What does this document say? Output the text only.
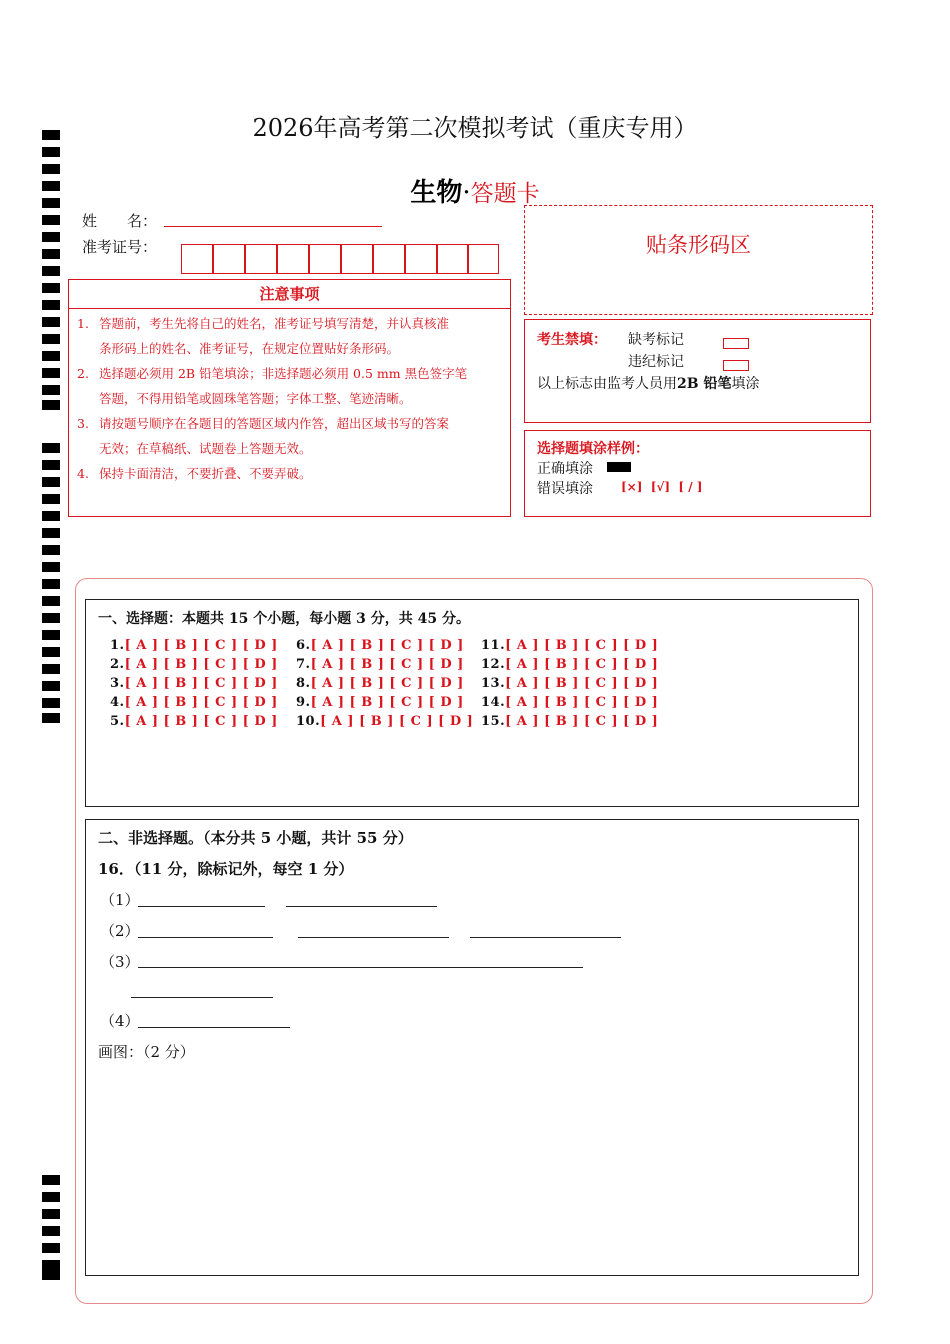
2026年高考第二次模拟考试（重庆专用）
生物·答题卡
姓　　名：
准考证号：	贴条形码区
注意事项
1. 答题前，考生先将自己的姓名，准考证号填写清楚，并认真核准
条形码上的姓名、准考证号，在规定位置贴好条形码。
2. 选择题必须用 2B 铅笔填涂；非选择题必须用 0.5 mm 黑色签字笔
答题，不得用铅笔或圆珠笔答题；字体工整、笔迹清晰。
3. 请按题号顺序在各题目的答题区域内作答，超出区域书写的答案
无效；在草稿纸、试题卷上答题无效。
4. 保持卡面清洁，不要折叠、不要弄破。
考生禁填： 缺考标记
违纪标记
以上标志由监考人员用2B 铅笔填涂
选择题填涂样例：
正确填涂
错误填涂 [×]  [√]  [ / ]
一、选择题：本题共 15 个小题，每小题 3 分，共 45 分。
1.[ A ] [ B ] [ C ] [ D ]
2.[ A ] [ B ] [ C ] [ D ]
3.[ A ] [ B ] [ C ] [ D ]
4.[ A ] [ B ] [ C ] [ D ]
5.[ A ] [ B ] [ C ] [ D ]
6.[ A ] [ B ] [ C ] [ D ]
7.[ A ] [ B ] [ C ] [ D ]
8.[ A ] [ B ] [ C ] [ D ]
9.[ A ] [ B ] [ C ] [ D ]
10.[ A ] [ B ] [ C ] [ D ]
11.[ A ] [ B ] [ C ] [ D ]
12.[ A ] [ B ] [ C ] [ D ]
13.[ A ] [ B ] [ C ] [ D ]
14.[ A ] [ B ] [ C ] [ D ]
15.[ A ] [ B ] [ C ] [ D ]
二、非选择题。（本分共 5 小题，共计 55 分）
16．（11 分，除标记外，每空 1 分）
（1）
（2）
（3）
（4）
画图：（2 分）
